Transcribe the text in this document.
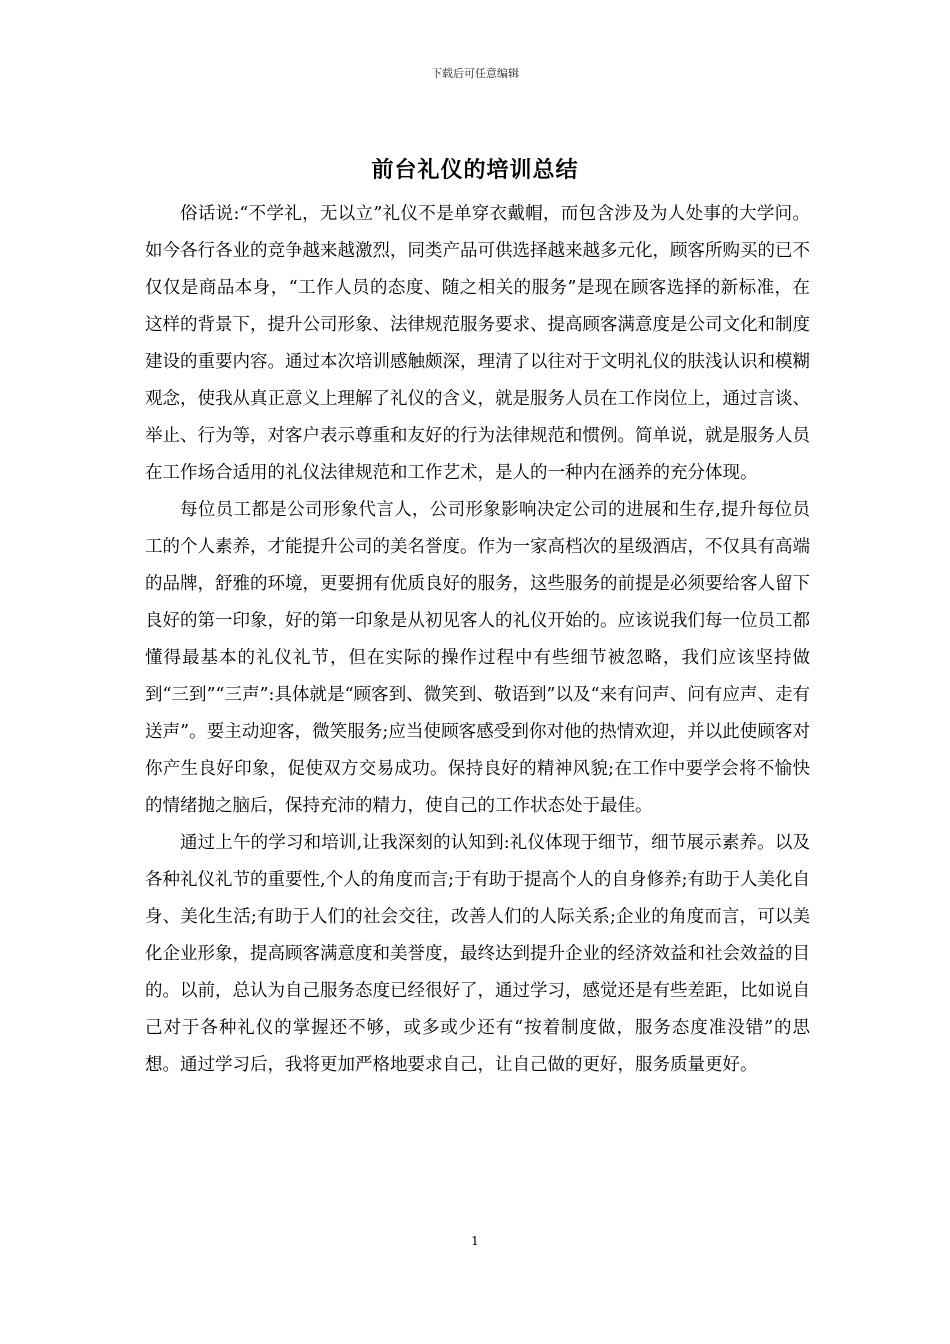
下载后可任意编辑
前台礼仪的培训总结

俗话说:“不学礼，无以立”礼仪不是单穿衣戴帽，而包含涉及为人处事的大学问。如今各行各业的竞争越来越激烈，同类产品可供选择越来越多元化，顾客所购买的已不仅仅是商品本身，“工作人员的态度、随之相关的服务”是现在顾客选择的新标准，在这样的背景下，提升公司形象、法律规范服务要求、提高顾客满意度是公司文化和制度建设的重要内容。通过本次培训感触颇深，理清了以往对于文明礼仪的肤浅认识和模糊观念，使我从真正意义上理解了礼仪的含义，就是服务人员在工作岗位上，通过言谈、举止、行为等，对客户表示尊重和友好的行为法律规范和惯例。简单说，就是服务人员在工作场合适用的礼仪法律规范和工作艺术，是人的一种内在涵养的充分体现。

每位员工都是公司形象代言人，公司形象影响决定公司的进展和生存,提升每位员工的个人素养，才能提升公司的美名誉度。作为一家高档次的星级酒店，不仅具有高端的品牌，舒雅的环境，更要拥有优质良好的服务，这些服务的前提是必须要给客人留下良好的第一印象，好的第一印象是从初见客人的礼仪开始的。应该说我们每一位员工都懂得最基本的礼仪礼节，但在实际的操作过程中有些细节被忽略，我们应该坚持做到“三到”“三声”:具体就是“顾客到、微笑到、敬语到”以及“来有问声、问有应声、走有送声”。要主动迎客，微笑服务;应当使顾客感受到你对他的热情欢迎，并以此使顾客对你产生良好印象，促使双方交易成功。保持良好的精神风貌;在工作中要学会将不愉快的情绪抛之脑后，保持充沛的精力，使自己的工作状态处于最佳。

通过上午的学习和培训,让我深刻的认知到:礼仪体现于细节，细节展示素养。以及各种礼仪礼节的重要性,个人的角度而言;于有助于提高个人的自身修养;有助于人美化自身、美化生活;有助于人们的社会交往，改善人们的人际关系;企业的角度而言，可以美化企业形象，提高顾客满意度和美誉度，最终达到提升企业的经济效益和社会效益的目的。以前，总认为自己服务态度已经很好了，通过学习，感觉还是有些差距，比如说自己对于各种礼仪的掌握还不够，或多或少还有“按着制度做，服务态度准没错”的思想。通过学习后，我将更加严格地要求自己，让自己做的更好，服务质量更好。

1
